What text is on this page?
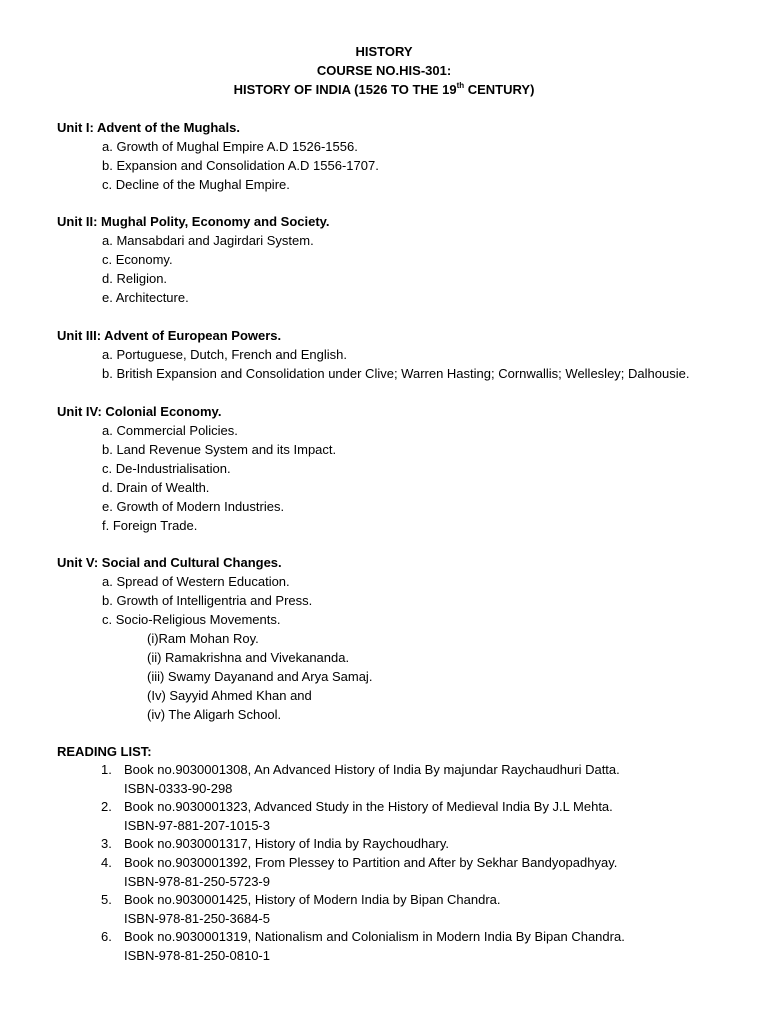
HISTORY
COURSE NO.HIS-301:
HISTORY OF INDIA (1526 TO THE 19th CENTURY)
Unit I: Advent of the Mughals.
a. Growth of Mughal Empire A.D 1526-1556.
b. Expansion and Consolidation A.D 1556-1707.
c. Decline of the Mughal Empire.
Unit II: Mughal Polity, Economy and Society.
a. Mansabdari and Jagirdari System.
c. Economy.
d. Religion.
e. Architecture.
Unit III: Advent of European Powers.
a. Portuguese, Dutch, French and English.
b. British Expansion and Consolidation under Clive; Warren Hasting; Cornwallis; Wellesley; Dalhousie.
Unit IV: Colonial Economy.
a. Commercial Policies.
b. Land Revenue System and its Impact.
c. De-Industrialisation.
d. Drain of Wealth.
e. Growth of Modern Industries.
f. Foreign Trade.
Unit V: Social and Cultural Changes.
a. Spread of Western Education.
b. Growth of Intelligentria and Press.
c. Socio-Religious Movements.
(i)Ram Mohan Roy.
(ii) Ramakrishna and Vivekananda.
(iii) Swamy Dayanand and Arya Samaj.
(Iv) Sayyid Ahmed Khan and
(iv) The Aligarh School.
READING LIST:
1. Book no.9030001308, An Advanced History of India By majundar Raychaudhuri Datta.
ISBN-0333-90-298
2. Book no.9030001323, Advanced Study in the History of Medieval India By J.L Mehta.
ISBN-97-881-207-1015-3
3. Book no.9030001317, History of India by Raychoudhary.
4. Book no.9030001392, From Plessey to Partition and After by Sekhar Bandyopadhyay.
ISBN-978-81-250-5723-9
5. Book no.9030001425, History of Modern India by Bipan Chandra.
ISBN-978-81-250-3684-5
6. Book no.9030001319, Nationalism and Colonialism in Modern India By Bipan Chandra.
ISBN-978-81-250-0810-1
